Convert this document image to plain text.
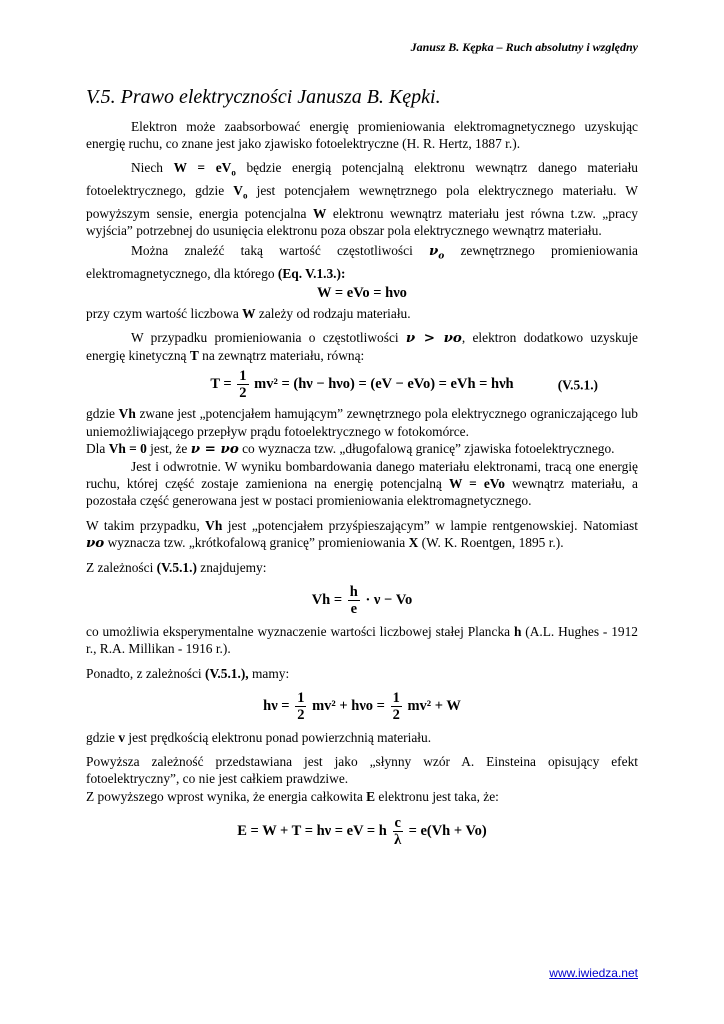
Janusz B. Kępka – Ruch absolutny i względny
V.5. Prawo elektryczności Janusza B. Kępki.

Elektron może zaabsorbować energię promieniowania elektromagnetycznego uzyskując energię ruchu, co znane jest jako zjawisko fotoelektryczne (H. R. Hertz, 1887 r.).

Niech $W = eV_o$ będzie energią potencjalną elektronu wewnątrz danego materiału fotoelektrycznego, gdzie $V_o$ jest potencjałem wewnętrznego pola elektrycznego materiału. W powyższym sensie, energia potencjalna W elektronu wewnątrz materiału jest równa t.zw. „pracy wyjścia” potrzebnej do usunięcia elektronu poza obszar pola elektrycznego wewnątrz materiału.

Można znaleźć taką wartość częstotliwości $\nu_o$ zewnętrznego promieniowania elektromagnetycznego, dla którego (Eq. V.1.3.):

W = eVo = hνo

przy czym wartość liczbowa W zależy od rodzaju materiału.

W przypadku promieniowania o częstotliwości ν > νo, elektron dodatkowo uzyskuje energię kinetyczną T na zewnątrz materiału, równą:

$T = \frac{1}{2} mv^2 = (h\nu - h\nu o) = (eV - eVo)$ = eVh = hνh	(V.5.1.)

gdzie Vh zwane jest „potencjałem hamującym” zewnętrznego pola elektrycznego ograniczającego lub uniemożliwiającego przepływ prądu fotoelektrycznego w fotokomórce.

Dla Vh = 0 jest, że ν = νo co wyznacza tzw. „długofalową granicę” zjawiska fotoelektrycznego.

Jest i odwrotnie. W wyniku bombardowania danego materiału elektronami, tracą one energię ruchu, której część zostaje zamieniona na energię potencjalną W = eVo wewnątrz materiału, a pozostała część generowana jest w postaci promieniowania elektromagnetycznego.

W takim przypadku, Vh jest „potencjałem przyśpieszającym” w lampie rentgenowskiej. Natomiast νo wyznacza tzw. „krótkofalową granicę” promieniowania X (W. K. Roentgen, 1895 r.).

Z zależności (V.5.1.) znajdujemy:

$Vh = \frac{h}{e} \cdot \nu - Vo$

co umożliwia eksperymentalne wyznaczenie wartości liczbowej stałej Plancka h (A.L. Hughes - 1912 r., R.A. Millikan - 1916 r.).

Ponadto, z zależności (V.5.1.), mamy:

$h\nu = \frac{1}{2} mv^2 + h\nu o = \frac{1}{2} mv^2 + W$

gdzie v jest prędkością elektronu ponad powierzchnią materiału.

Powyższa zależność przedstawiana jest jako „słynny wzór A. Einsteina opisujący efekt fotoelektryczny”, co nie jest całkiem prawdziwe.

Z powyższego wprost wynika, że energia całkowita E elektronu jest taka, że:

E = W + T = hν = eV = h $\frac{c}{\lambda} = e(Vh + Vo)$
www.iwiedza.net
